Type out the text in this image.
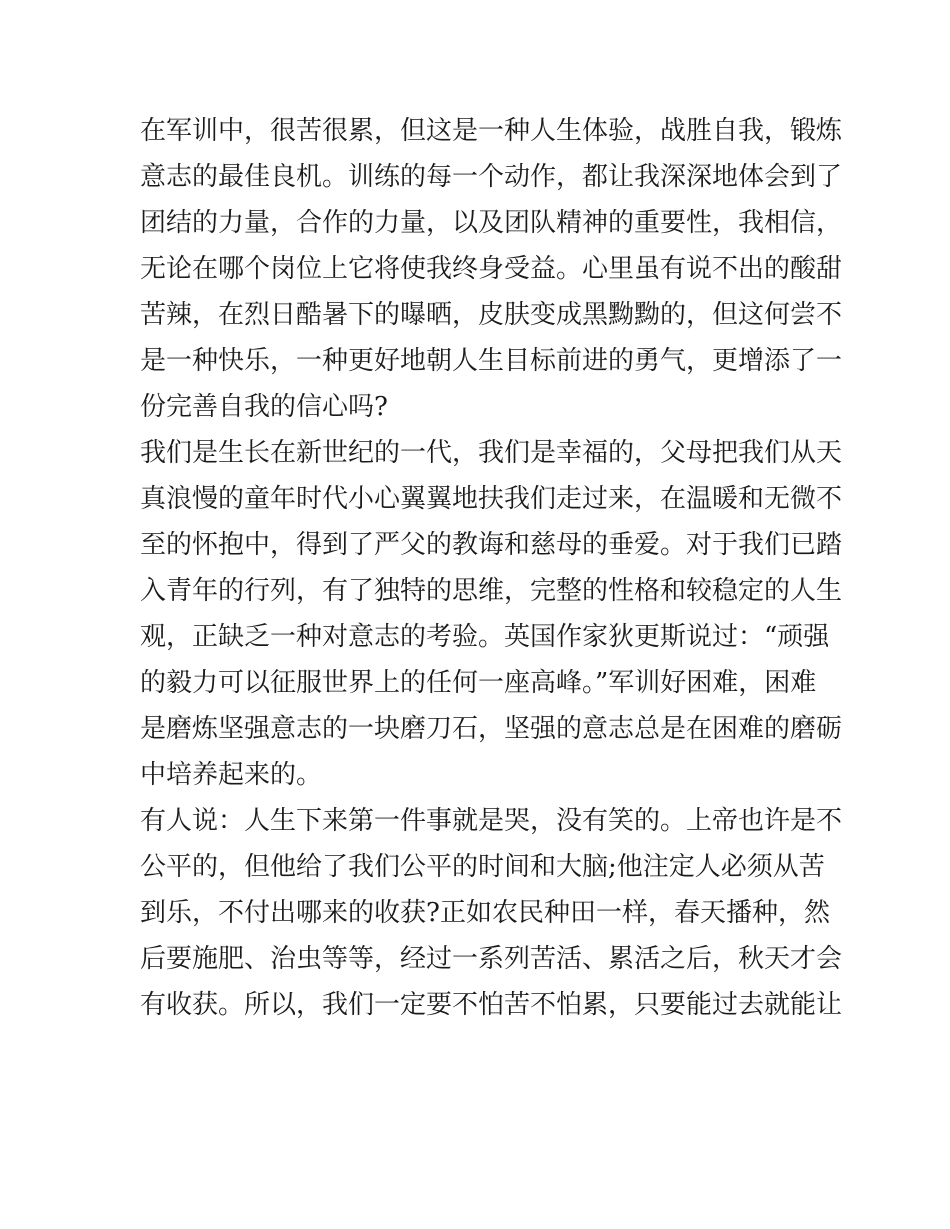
在军训中，很苦很累，但这是一种人生体验，战胜自我，锻炼
意志的最佳良机。训练的每一个动作，都让我深深地体会到了
团结的力量，合作的力量，以及团队精神的重要性，我相信，
无论在哪个岗位上它将使我终身受益。心里虽有说不出的酸甜
苦辣，在烈日酷暑下的曝晒，皮肤变成黑黝黝的，但这何尝不
是一种快乐，一种更好地朝人生目标前进的勇气，更增添了一
份完善自我的信心吗?
我们是生长在新世纪的一代，我们是幸福的，父母把我们从天
真浪慢的童年时代小心翼翼地扶我们走过来，在温暖和无微不
至的怀抱中，得到了严父的教诲和慈母的垂爱。对于我们已踏
入青年的行列，有了独特的思维，完整的性格和较稳定的人生
观，正缺乏一种对意志的考验。英国作家狄更斯说过：“顽强
的毅力可以征服世界上的任何一座高峰。”军训好困难，困难
是磨炼坚强意志的一块磨刀石，坚强的意志总是在困难的磨砺
中培养起来的。
有人说：人生下来第一件事就是哭，没有笑的。上帝也许是不
公平的，但他给了我们公平的时间和大脑;他注定人必须从苦
到乐，不付出哪来的收获?正如农民种田一样，春天播种，然
后要施肥、治虫等等，经过一系列苦活、累活之后，秋天才会
有收获。所以，我们一定要不怕苦不怕累，只要能过去就能让
